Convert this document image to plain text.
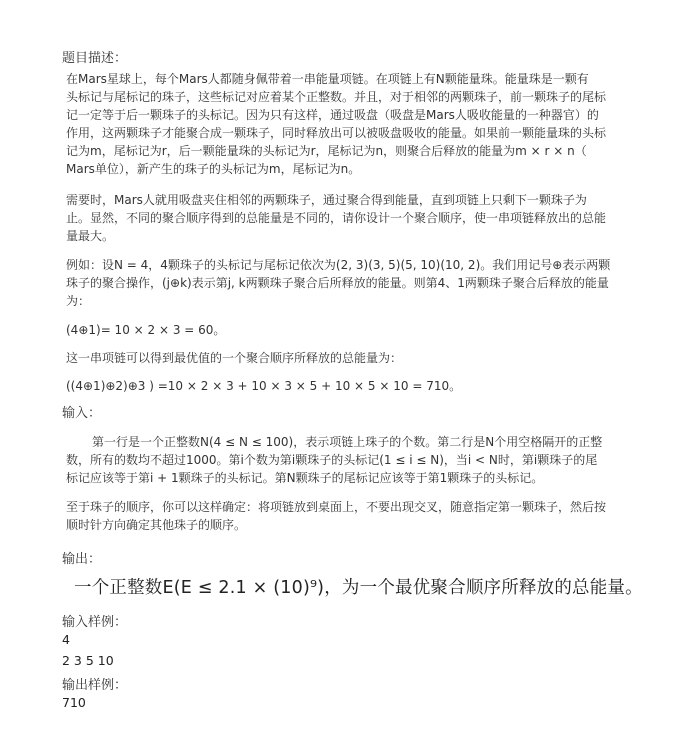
题目描述：

在Mars星球上，每个Mars人都随身佩带着一串能量项链。在项链上有N颗能量珠。能量珠是一颗有

头标记与尾标记的珠子，这些标记对应着某个正整数。并且，对于相邻的两颗珠子，前一颗珠子的尾标

记一定等于后一颗珠子的头标记。因为只有这样，通过吸盘（吸盘是Mars人吸收能量的一种器官）的

作用，这两颗珠子才能聚合成一颗珠子，同时释放出可以被吸盘吸收的能量。如果前一颗能量珠的头标

记为m，尾标记为r，后一颗能量珠的头标记为r，尾标记为n，则聚合后释放的能量为m × r × n（

Mars单位），新产生的珠子的头标记为m，尾标记为n。

需要时，Mars人就用吸盘夹住相邻的两颗珠子，通过聚合得到能量，直到项链上只剩下一颗珠子为

止。显然，不同的聚合顺序得到的总能量是不同的，请你设计一个聚合顺序，使一串项链释放出的总能

量最大。

例如：设N = 4，4颗珠子的头标记与尾标记依次为(2, 3)(3, 5)(5, 10)(10, 2)。我们用记号⊕表示两颗

珠子的聚合操作，(j⊕k)表示第j, k两颗珠子聚合后所释放的能量。则第4、1两颗珠子聚合后释放的能量

为：

(4⊕1)= 10 × 2 × 3 = 60。
这一串项链可以得到最优值的一个聚合顺序所释放的总能量为：
((4⊕1)⊕2)⊕3 ) =10 × 2 × 3 + 10 × 3 × 5 + 10 × 5 × 10 = 710。
输入：

第一行是一个正整数N(4 ≤ N ≤ 100)，表示项链上珠子的个数。第二行是N个用空格隔开的正整

数，所有的数均不超过1000。第i个数为第i颗珠子的头标记(1 ≤ i ≤ N)，当i < N时，第i颗珠子的尾

标记应该等于第i + 1颗珠子的头标记。第N颗珠子的尾标记应该等于第1颗珠子的头标记。

至于珠子的顺序，你可以这样确定：将项链放到桌面上，不要出现交叉，随意指定第一颗珠子，然后按

顺时针方向确定其他珠子的顺序。

输出：
一个正整数E(E ≤ 2.1 × (10)⁹)，为一个最优聚合顺序所释放的总能量。
输入样例：
4
2 3 5 10
输出样例：
710
